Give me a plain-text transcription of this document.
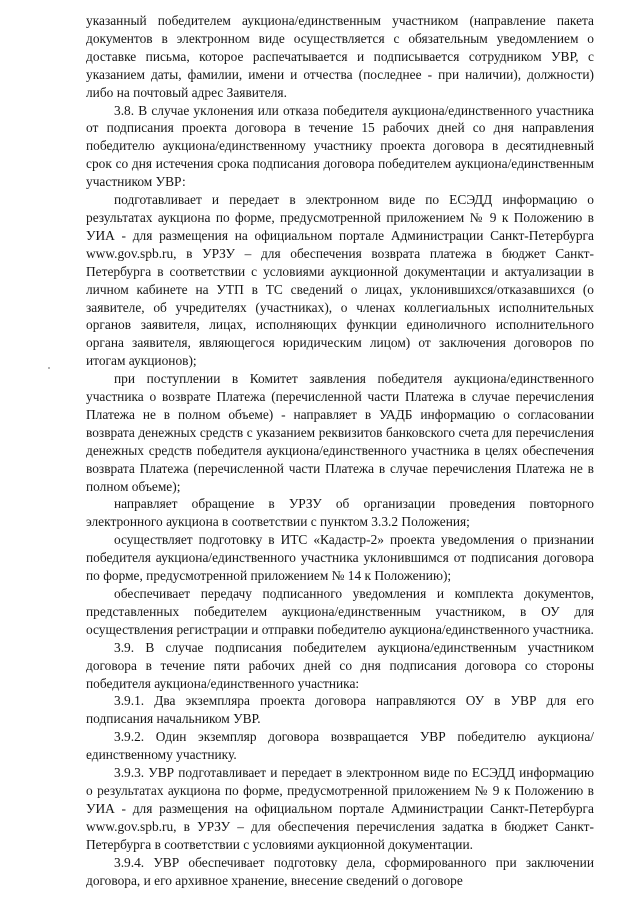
указанный победителем аукциона/единственным участником (направление пакета документов в электронном виде осуществляется с обязательным уведомлением о доставке письма, которое распечатывается и подписывается сотрудником УВР, с указанием даты, фамилии, имени и отчества (последнее - при наличии), должности) либо на почтовый адрес Заявителя.

3.8. В случае уклонения или отказа победителя аукциона/единственного участника от подписания проекта договора в течение 15 рабочих дней со дня направления победителю аукциона/единственному участнику проекта договора в десятидневный срок со дня истечения срока подписания договора победителем аукциона/единственным участником УВР:

подготавливает и передает в электронном виде по ЕСЭДД информацию о результатах аукциона по форме, предусмотренной приложением № 9 к Положению в УИА - для размещения на официальном портале Администрации Санкт-Петербурга www.gov.spb.ru, в УРЗУ – для обеспечения возврата платежа в бюджет Санкт-Петербурга в соответствии с условиями аукционной документации и актуализации в личном кабинете на УТП в ТС сведений о лицах, уклонившихся/отказавшихся (о заявителе, об учредителях (участниках), о членах коллегиальных исполнительных органов заявителя, лицах, исполняющих функции единоличного исполнительного органа заявителя, являющегося юридическим лицом) от заключения договоров по итогам аукционов);

при поступлении в Комитет заявления победителя аукциона/единственного участника о возврате Платежа (перечисленной части Платежа в случае перечисления Платежа не в полном объеме) - направляет в УАДБ информацию о согласовании возврата денежных средств с указанием реквизитов банковского счета для перечисления денежных средств победителя аукциона/единственного участника в целях обеспечения возврата Платежа (перечисленной части Платежа в случае перечисления Платежа не в полном объеме);

направляет обращение в УРЗУ об организации проведения повторного электронного аукциона в соответствии с пунктом 3.3.2 Положения;

осуществляет подготовку в ИТС «Кадастр-2» проекта уведомления о признании победителя аукциона/единственного участника уклонившимся от подписания договора по форме, предусмотренной приложением № 14 к Положению);

обеспечивает передачу подписанного уведомления и комплекта документов, представленных победителем аукциона/единственным участником, в ОУ для осуществления регистрации и отправки победителю аукциона/единственного участника.

3.9. В случае подписания победителем аукциона/единственным участником договора в течение пяти рабочих дней со дня подписания договора со стороны победителя аукциона/единственного участника:

3.9.1. Два экземпляра проекта договора направляются ОУ в УВР для его подписания начальником УВР.

3.9.2. Один экземпляр договора возвращается УВР победителю аукциона/единственному участнику.

3.9.3. УВР подготавливает и передает в электронном виде по ЕСЭДД информацию о результатах аукциона по форме, предусмотренной приложением № 9 к Положению в УИА - для размещения на официальном портале Администрации Санкт-Петербурга www.gov.spb.ru, в УРЗУ – для обеспечения перечисления задатка в бюджет Санкт-Петербурга в соответствии с условиями аукционной документации.

3.9.4. УВР обеспечивает подготовку дела, сформированного при заключении договора, и его архивное хранение, внесение сведений о договоре
